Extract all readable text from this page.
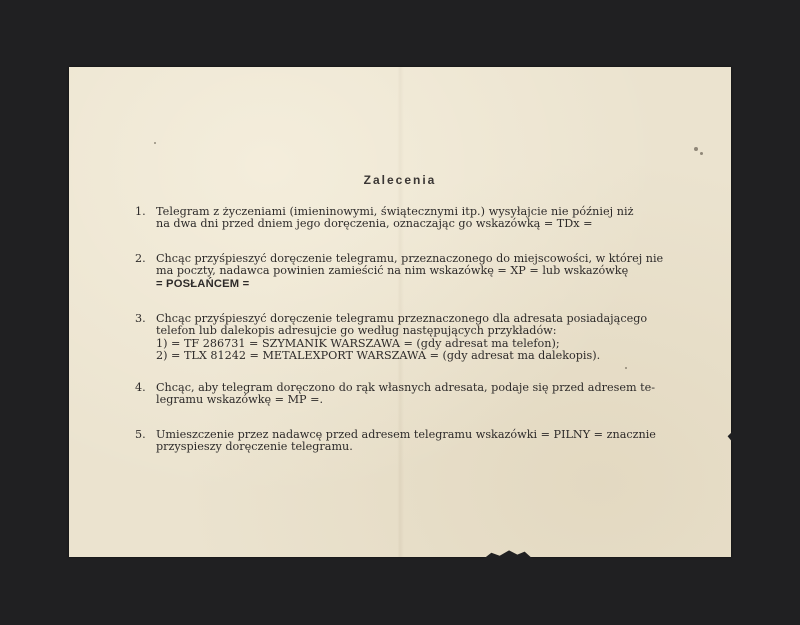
Zalecenia
1. Telegram z życzeniami (imieninowymi, świątecznymi itp.) wysyłajcie nie później niż
na dwa dni przed dniem jego doręczenia, oznaczając go wskazówką = TDx =
2. Chcąc przyśpieszyć doręczenie telegramu, przeznaczonego do miejscowości, w której nie
ma poczty, nadawca powinien zamieścić na nim wskazówkę = XP = lub wskazówkę
= POSŁAŃCEM =
3. Chcąc przyśpieszyć doręczenie telegramu przeznaczonego dla adresata posiadającego
telefon lub dalekopis adresujcie go według następujących przykładów:
1) = TF 286731 = SZYMANIK WARSZAWA = (gdy adresat ma telefon);
2) = TLX 81242 = METALEXPORT WARSZAWA = (gdy adresat ma dalekopis).
4. Chcąc, aby telegram doręczono do rąk własnych adresata, podaje się przed adresem te-
legramu wskazówkę = MP =.
5. Umieszczenie przez nadawcę przed adresem telegramu wskazówki = PILNY = znacznie
przyspieszy doręczenie telegramu.
